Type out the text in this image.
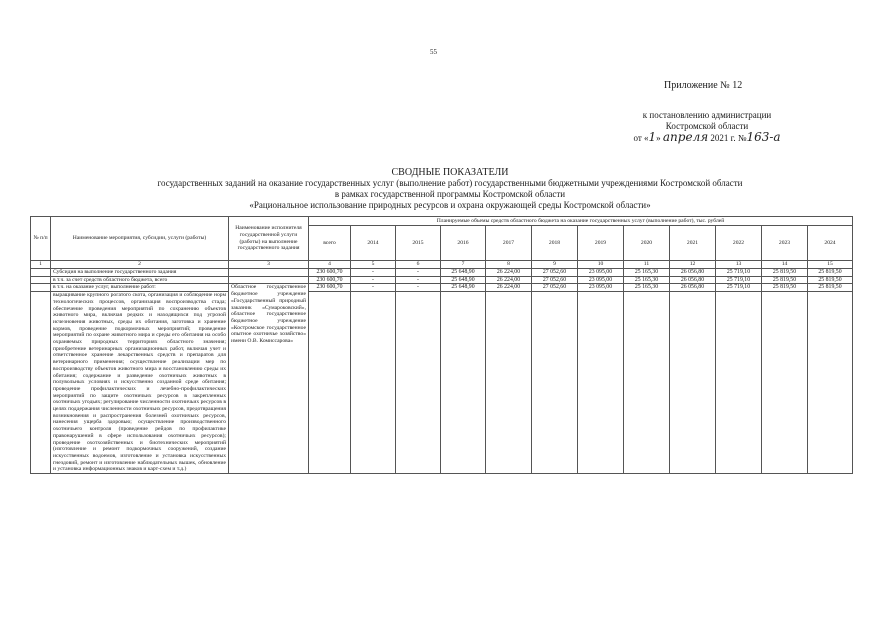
55
Приложение № 12
к постановлению администрации
Костромской области
от «1» апреля 2021 г. №163-а
СВОДНЫЕ ПОКАЗАТЕЛИ
государственных заданий на оказание государственных услуг (выполнение работ) государственными бюджетными учреждениями Костромской области
в рамках государственной программы Костромской области
«Рациональное использование природных ресурсов и охрана окружающей среды Костромской области»
№ п/п	Наименование мероприятия, субсидии, услуги (работы)	Наименование исполнителя государственной услуги (работы) на выполнение государственного задания	Планируемые объемы средств областного бюджета на оказание государственных услуг (выполнение работ), тыс. рублей											
			всего	2014	2015	2016	2017	2018	2019	2020	2021	2022	2023	2024
1	2	3	4	5	6	7	8	9	10	11	12	13	14	15
	Субсидия на выполнение государственного задания		230 600,70	-	-	25 648,90	26 224,00	27 052,60	23 095,00	25 165,30	26 056,80	25 719,10	25 819,50	25 819,50
	в т.ч. за счет средств областного бюджета, всего		230 600,70	-	-	25 648,90	26 224,00	27 052,60	23 095,00	25 165,30	26 056,80	25 719,10	25 819,50	25 819,50
	в т.ч. на оказание услуг, выполнение работ:	Областное государственное бюджетное учреждение «Государственный природный заказник «Сумароковский», областное государственное бюджетное учреждение «Костромское государственное опытное охотничье хозяйство» имени О.В. Комиссарова»	230 600,70	-	-	25 648,90	26 224,00	27 052,60	23 095,00	25 165,30	26 056,80	25 719,10	25 819,50	25 819,50
	выращивание крупного рогатого скота, организация и соблюдение норм технологических процессов, организация воспроизводства стада; обеспечение проведения мероприятий по сохранению объектов животного мира, включая редких и находящихся под угрозой исчезновения животных, среды их обитания, заготовка и хранение кормов, проведение подкормочных мероприятий; проведение мероприятий по охране животного мира и среды его обитания на особо охраняемых природных территориях областного значения; приобретение ветеринарных организационных работ, включая учет и ответственное хранение лекарственных средств и препаратов для ветеринарного применения; осуществление реализации мер по воспроизводству объектов животного мира и восстановлению среды их обитания; содержание и разведение охотничьих животных в полувольных условиях и искусственно созданной среде обитания; проведение профилактических и лечебно-профилактических мероприятий по защите охотничьих ресурсов в закрепленных охотничьих угодьях; регулирование численности охотничьих ресурсов в целях поддержания численности охотничьих ресурсов, предотвращения возникновения и распространения болезней охотничьих ресурсов, нанесения ущерба здоровью; осуществление производственного охотничьего контроля (проведение рейдов по профилактике правонарушений в сфере использования охотничьих ресурсов); проведение охотхозяйственных и биотехнических мероприятий (изготовление и ремонт подкормочных сооружений, создание искусственных водоемов, изготовление и установка искусственных гнездовий, ремонт и изготовление наблюдательных вышек, обновление и установка информационных знаков и карт-схем и т.д.)													
